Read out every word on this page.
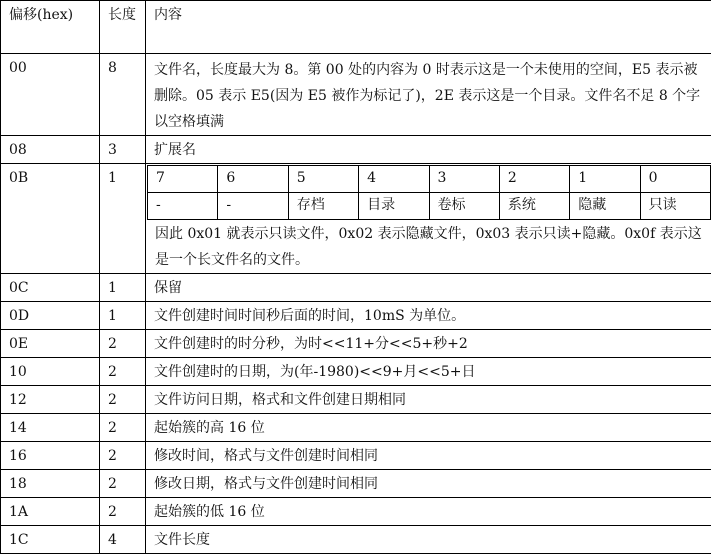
偏移(hex)	长度	内容
00	8	文件名，长度最大为 8。第 00 处的内容为 0 时表示这是一个未使用的空间，E5 表示被删除。05 表示 E5(因为 E5 被作为标记了)，2E 表示这是一个目录。文件名不足 8 个字以空格填满
08	3	扩展名
0B	1		7	6	5	4	3	2	1	0
-	-	存档	目录	卷标	系统	隐藏	只读
因此 0x01 就表示只读文件，0x02 表示隐藏文件，0x03 表示只读+隐藏。0x0f 表示这是一个长文件名的文件。

0C	1	保留
0D	1	文件创建时间时间秒后面的时间，10mS 为单位。
0E	2	文件创建时的时分秒，为时<<11+分<<5+秒+2
10	2	文件创建时的日期，为(年-1980)<<9+月<<5+日
12	2	文件访问日期，格式和文件创建日期相同
14	2	起始簇的高 16 位
16	2	修改时间，格式与文件创建时间相同
18	2	修改日期，格式与文件创建时间相同
1A	2	起始簇的低 16 位
1C	4	文件长度
